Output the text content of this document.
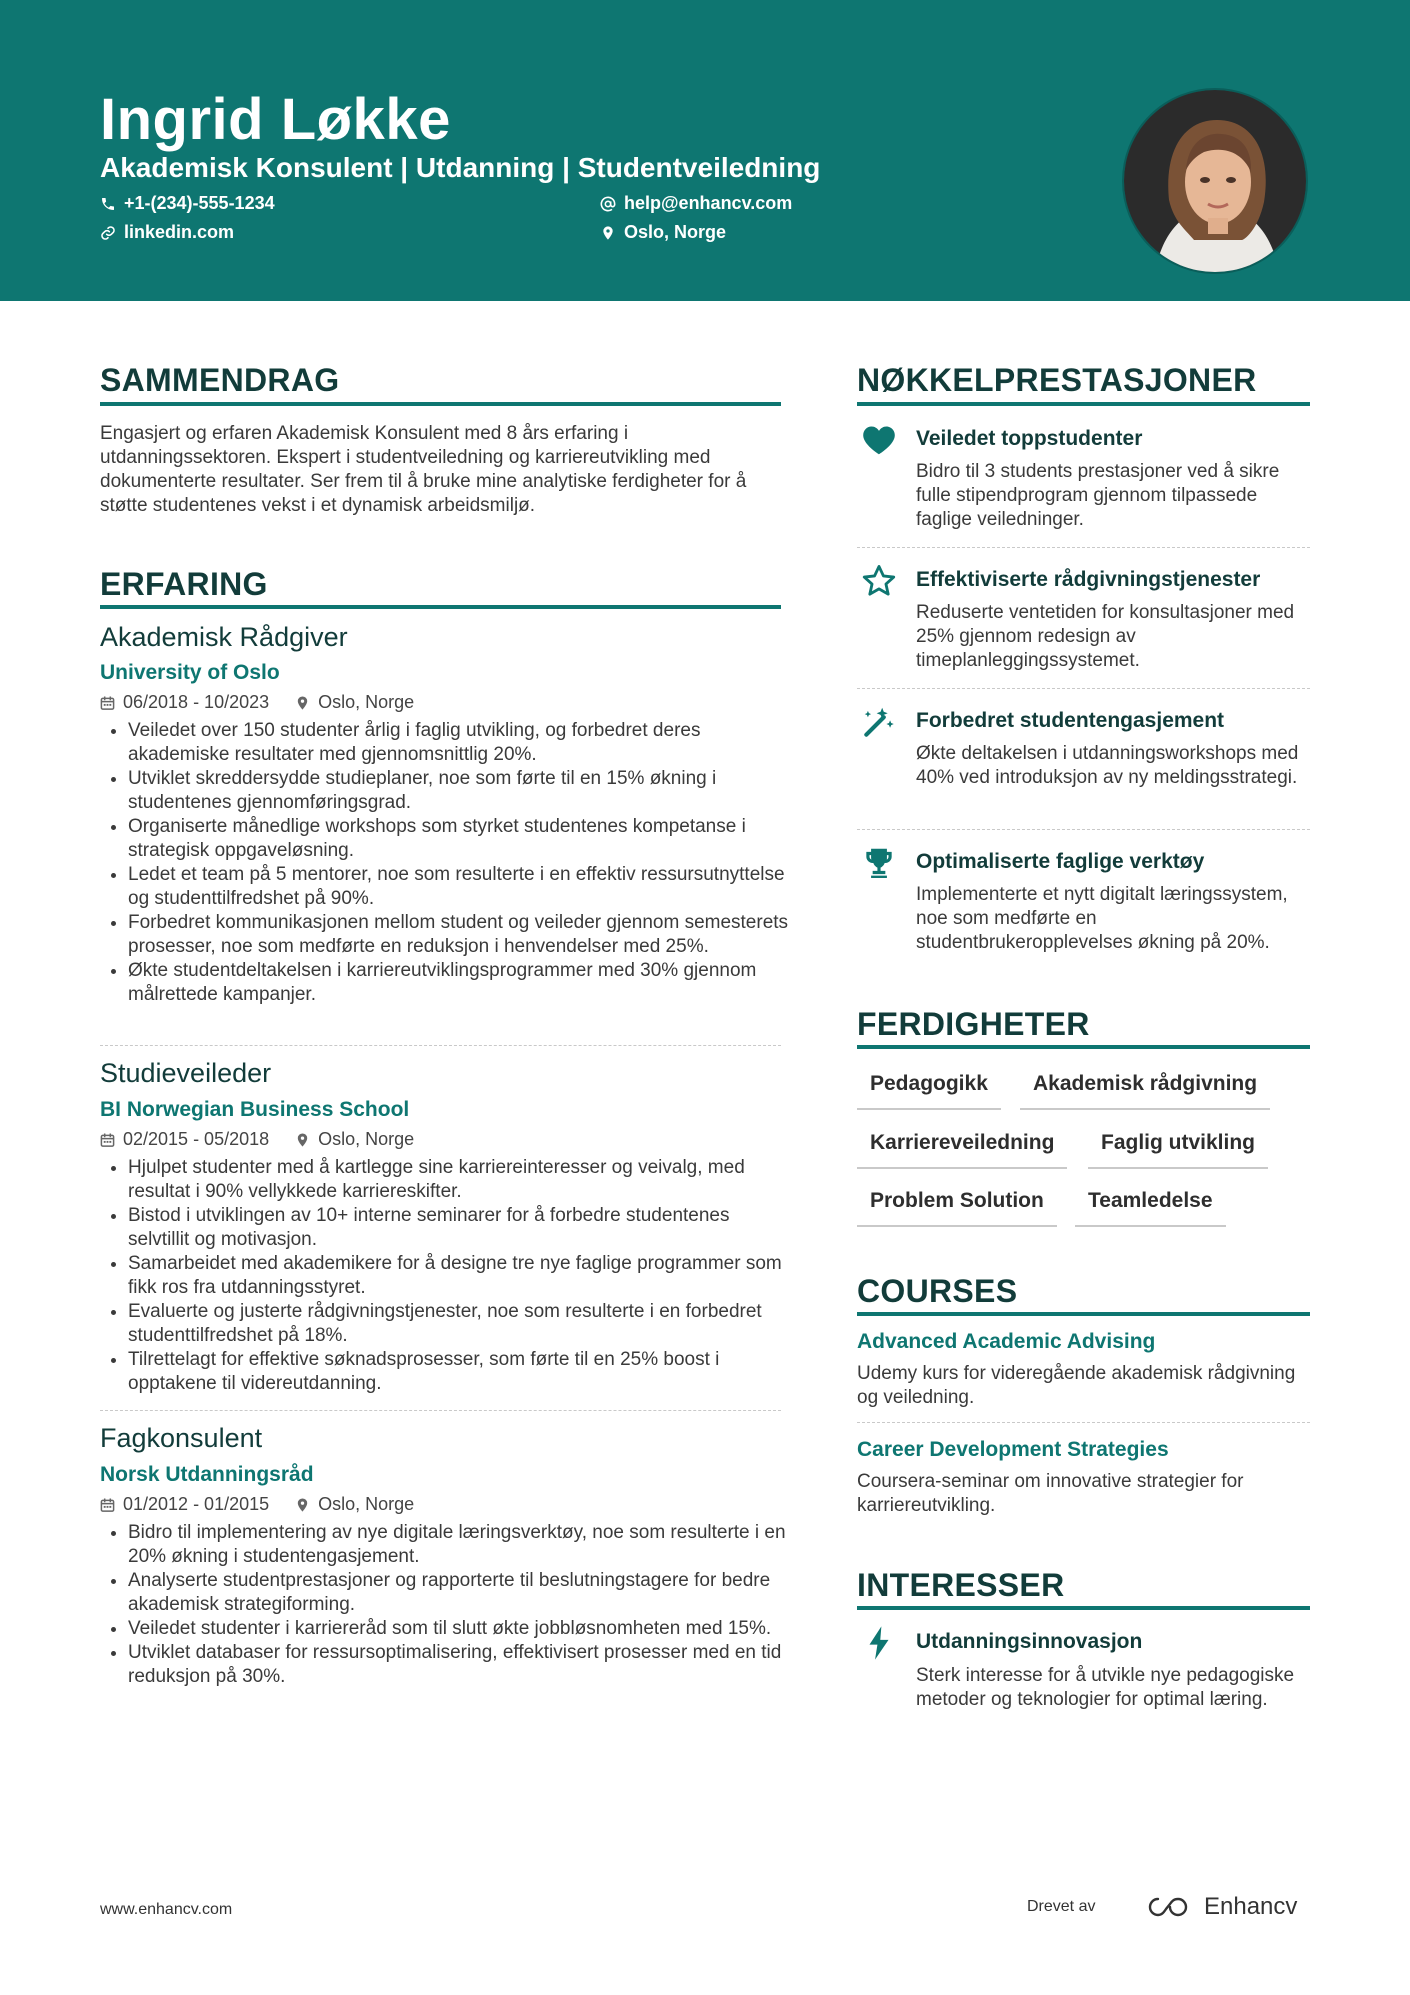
Ingrid Løkke
Akademisk Konsulent | Utdanning | Studentveiledning
+1-(234)-555-1234	help@enhancv.com
linkedin.com	Oslo, Norge
SAMMENDRAG
Engasjert og erfaren Akademisk Konsulent med 8 års erfaring i utdanningssektoren. Ekspert i studentveiledning og karriereutvikling med dokumenterte resultater. Ser frem til å bruke mine analytiske ferdigheter for å støtte studentenes vekst i et dynamisk arbeidsmiljø.
ERFARING
Akademisk Rådgiver
University of Oslo
06/2018 - 10/2023	Oslo, Norge
Veiledet over 150 studenter årlig i faglig utvikling, og forbedret deres akademiske resultater med gjennomsnittlig 20%.
Utviklet skreddersydde studieplaner, noe som førte til en 15% økning i studentenes gjennomføringsgrad.
Organiserte månedlige workshops som styrket studentenes kompetanse i strategisk oppgaveløsning.
Ledet et team på 5 mentorer, noe som resulterte i en effektiv ressursutnyttelse og studenttilfredshet på 90%.
Forbedret kommunikasjonen mellom student og veileder gjennom semesterets prosesser, noe som medførte en reduksjon i henvendelser med 25%.
Økte studentdeltakelsen i karriereutviklingsprogrammer med 30% gjennom målrettede kampanjer.
Studieveileder
BI Norwegian Business School
02/2015 - 05/2018	Oslo, Norge
Hjulpet studenter med å kartlegge sine karriereinteresser og veivalg, med resultat i 90% vellykkede karriereskifter.
Bistod i utviklingen av 10+ interne seminarer for å forbedre studentenes selvtillit og motivasjon.
Samarbeidet med akademikere for å designe tre nye faglige programmer som fikk ros fra utdanningsstyret.
Evaluerte og justerte rådgivningstjenester, noe som resulterte i en forbedret studenttilfredshet på 18%.
Tilrettelagt for effektive søknadsprosesser, som førte til en 25% boost i opptakene til videreutdanning.
Fagkonsulent
Norsk Utdanningsråd
01/2012 - 01/2015	Oslo, Norge
Bidro til implementering av nye digitale læringsverktøy, noe som resulterte i en 20% økning i studentengasjement.
Analyserte studentprestasjoner og rapporterte til beslutningstagere for bedre akademisk strategiforming.
Veiledet studenter i karriereråd som til slutt økte jobbløsnomheten med 15%.
Utviklet databaser for ressursoptimalisering, effektivisert prosesser med en tid reduksjon på 30%.
NØKKELPRESTASJONER
Veiledet toppstudenter
Bidro til 3 students prestasjoner ved å sikre fulle stipendprogram gjennom tilpassede faglige veiledninger.
Effektiviserte rådgivningstjenester
Reduserte ventetiden for konsultasjoner med 25% gjennom redesign av timeplanleggingssystemet.
Forbedret studentengasjement
Økte deltakelsen i utdanningsworkshops med 40% ved introduksjon av ny meldingsstrategi.
Optimaliserte faglige verktøy
Implementerte et nytt digitalt læringssystem, noe som medførte en studentbrukeropplevelses økning på 20%.
FERDIGHETER
Pedagogikk	Akademisk rådgivning
Karriereveiledning	Faglig utvikling
Problem Solution	Teamledelse
COURSES
Advanced Academic Advising
Udemy kurs for videregående akademisk rådgivning og veiledning.
Career Development Strategies
Coursera-seminar om innovative strategier for karriereutvikling.
INTERESSER
Utdanningsinnovasjon
Sterk interesse for å utvikle nye pedagogiske metoder og teknologier for optimal læring.
www.enhancv.com	Drevet av	Enhancv
